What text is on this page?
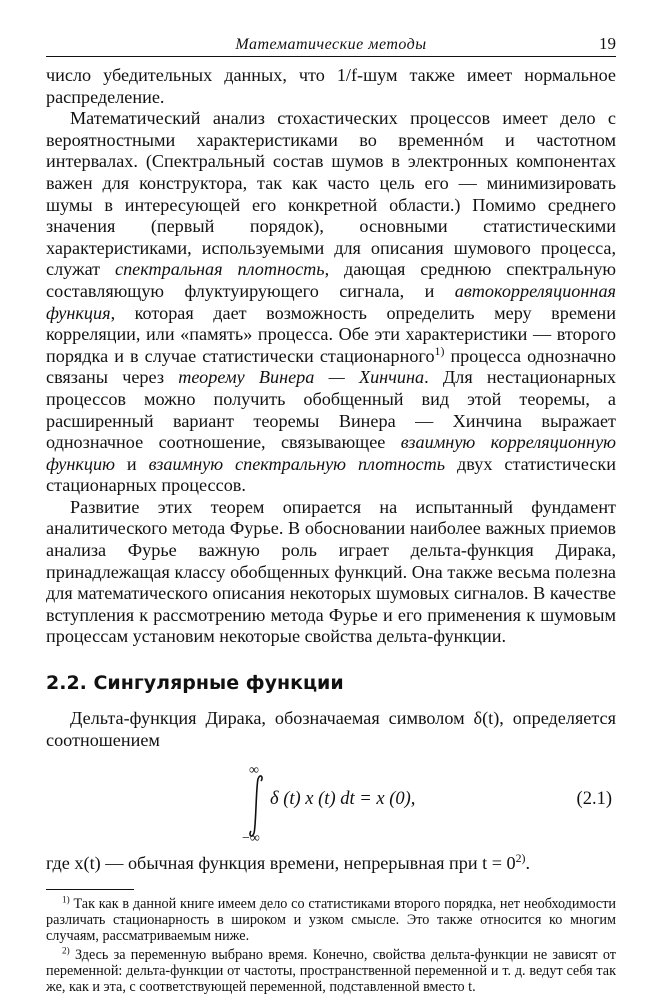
Математические методы	19

число убедительных данных, что 1/f-шум также имеет нормальное распределение.

Математический анализ стохастических процессов имеет дело с вероятностными характеристиками во временнóм и частотном интервалах. (Спектральный состав шумов в электронных компонентах важен для конструктора, так как часто цель его — минимизировать шумы в интересующей его конкретной области.) Помимо среднего значения (первый порядок), основными статистическими характеристиками, используемыми для описания шумового процесса, служат спектральная плотность, дающая среднюю спектральную составляющую флуктуирующего сигнала, и автокорреляционная функция, которая дает возможность определить меру времени корреляции, или «память» процесса. Обе эти характеристики — второго порядка и в случае статистически стационарного$^{1)}$ процесса однозначно связаны через теорему Винера — Хинчина. Для нестационарных процессов можно получить обобщенный вид этой теоремы, а расширенный вариант теоремы Винера — Хинчина выражает однозначное соотношение, связывающее взаимную корреляционную функцию и взаимную спектральную плотность двух статистически стационарных процессов.

Развитие этих теорем опирается на испытанный фундамент аналитического метода Фурье. В обосновании наиболее важных приемов анализа Фурье важную роль играет дельта-функция Дирака, принадлежащая классу обобщенных функций. Она также весьма полезна для математического описания некоторых шумовых сигналов. В качестве вступления к рассмотрению метода Фурье и его применения к шумовым процессам установим некоторые свойства дельта-функции.

2.2. Сингулярные функции

Дельта-функция Дирака, обозначаемая символом δ(t), определяется соотношением

∞
−∞
δ (t) x (t) dt = x (0),	(2.1)

где x(t) — обычная функция времени, непрерывная при $t = 0^{2)}$.

$^{1)}$ Так как в данной книге имеем дело со статистиками второго порядка, нет необходимости различать стационарность в широком и узком смысле. Это также относится ко многим случаям, рассматриваемым ниже.

$^{2)}$ Здесь за переменную выбрано время. Конечно, свойства дельта-функции не зависят от переменной: дельта-функции от частоты, пространственной переменной и т. д. ведут себя так же, как и эта, с соответствующей переменной, подставленной вместо t.
